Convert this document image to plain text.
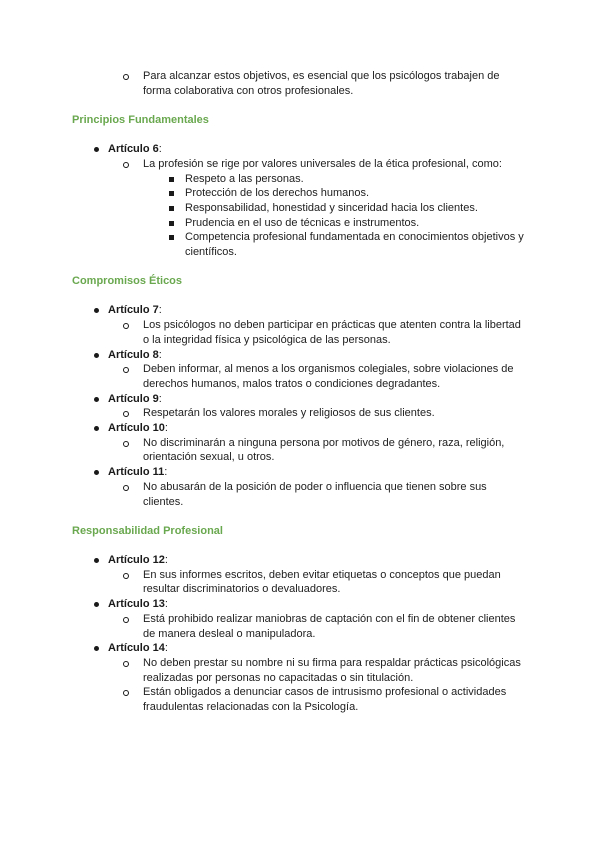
Para alcanzar estos objetivos, es esencial que los psicólogos trabajen de forma colaborativa con otros profesionales.
Principios Fundamentales
Artículo 6:
La profesión se rige por valores universales de la ética profesional, como:
Respeto a las personas.
Protección de los derechos humanos.
Responsabilidad, honestidad y sinceridad hacia los clientes.
Prudencia en el uso de técnicas e instrumentos.
Competencia profesional fundamentada en conocimientos objetivos y científicos.
Compromisos Éticos
Artículo 7:
Los psicólogos no deben participar en prácticas que atenten contra la libertad o la integridad física y psicológica de las personas.
Artículo 8:
Deben informar, al menos a los organismos colegiales, sobre violaciones de derechos humanos, malos tratos o condiciones degradantes.
Artículo 9:
Respetarán los valores morales y religiosos de sus clientes.
Artículo 10:
No discriminarán a ninguna persona por motivos de género, raza, religión, orientación sexual, u otros.
Artículo 11:
No abusarán de la posición de poder o influencia que tienen sobre sus clientes.
Responsabilidad Profesional
Artículo 12:
En sus informes escritos, deben evitar etiquetas o conceptos que puedan resultar discriminatorios o devaluadores.
Artículo 13:
Está prohibido realizar maniobras de captación con el fin de obtener clientes de manera desleal o manipuladora.
Artículo 14:
No deben prestar su nombre ni su firma para respaldar prácticas psicológicas realizadas por personas no capacitadas o sin titulación.
Están obligados a denunciar casos de intrusismo profesional o actividades fraudulentas relacionadas con la Psicología.
